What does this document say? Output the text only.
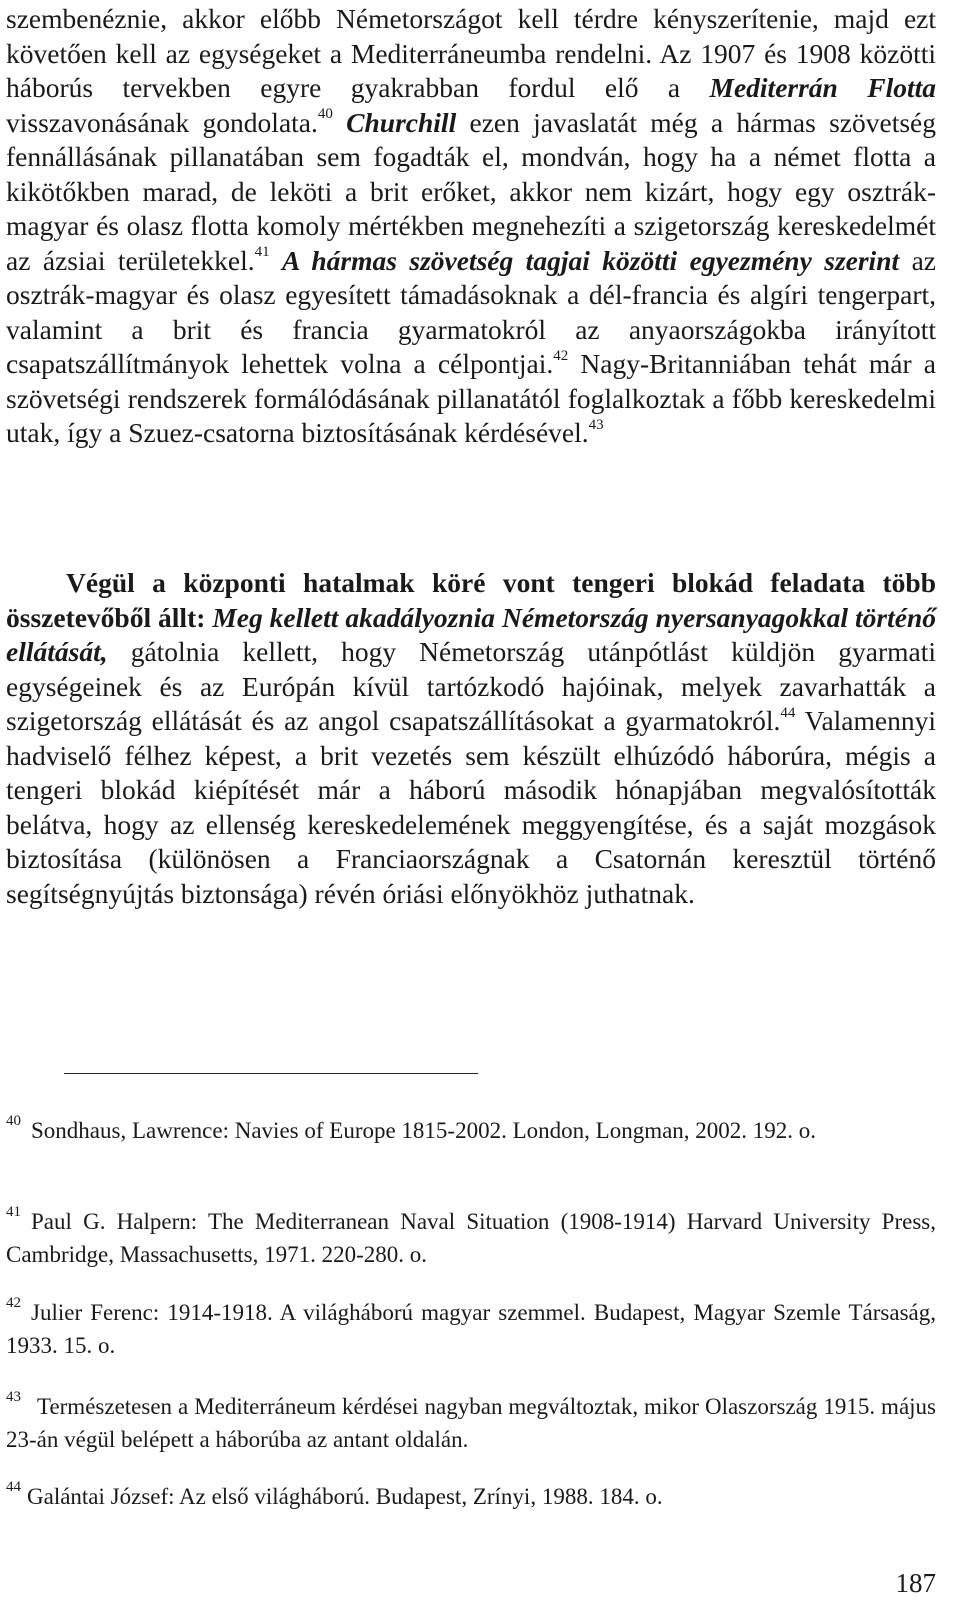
szembenéznie, akkor előbb Németországot kell térdre kényszerítenie, majd ezt követően kell az egységeket a Mediterráneumba rendelni. Az 1907 és 1908 közötti háborús tervekben egyre gyakrabban fordul elő a Mediterrán Flotta visszavonásának gondolata.$^{40}$ Churchill ezen javaslatát még a hármas szövetség fennállásának pillanatában sem fogadták el, mondván, hogy ha a német flotta a kikötőkben marad, de leköti a brit erőket, akkor nem kizárt, hogy egy osztrák-magyar és olasz flotta komoly mértékben megnehezíti a szigetország kereskedelmét az ázsiai területekkel.$^{41}$ A hármas szövetség tagjai közötti egyezmény szerint az osztrák-magyar és olasz egyesített támadásoknak a dél-francia és algíri tengerpart, valamint a brit és francia gyarmatokról az anyaországokba irányított csapatszállítmányok lehettek volna a célpontjai.$^{42}$ Nagy-Britanniában tehát már a szövetségi rendszerek formálódásának pillanatától foglalkoztak a főbb kereskedelmi utak, így a Szuez-csatorna biztosításának kérdésével.$^{43}$

Végül a központi hatalmak köré vont tengeri blokád feladata több összetevőből állt: Meg kellett akadályoznia Németország nyersanyagokkal történő ellátását, gátolnia kellett, hogy Németország utánpótlást küldjön gyarmati egységeinek és az Európán kívül tartózkodó hajóinak, melyek zavarhatták a szigetország ellátását és az angol csapatszállításokat a gyarmatokról.$^{44}$ Valamennyi hadviselő félhez képest, a brit vezetés sem készült elhúzódó háborúra, mégis a tengeri blokád kiépítését már a háború második hónapjában megvalósították belátva, hogy az ellenség kereskedelemének meggyengítése, és a saját mozgások biztosítása (különösen a Franciaországnak a Csatornán keresztül történő segítségnyújtás biztonsága) révén óriási előnyökhöz juthatnak.

$^{40}$ Sondhaus, Lawrence: Navies of Europe 1815-2002. London, Longman, 2002. 192. o.

$^{41}$ Paul G. Halpern: The Mediterranean Naval Situation (1908-1914) Harvard University Press, Cambridge, Massachusetts, 1971. 220-280. o.

$^{42}$ Julier Ferenc: 1914-1918. A világháború magyar szemmel. Budapest, Magyar Szemle Társaság, 1933. 15. o.

$^{43}$ Természetesen a Mediterráneum kérdései nagyban megváltoztak, mikor Olaszország 1915. május 23-án végül belépett a háborúba az antant oldalán.

$^{44}$ Galántai József: Az első világháború. Budapest, Zrínyi, 1988. 184. o.

187
